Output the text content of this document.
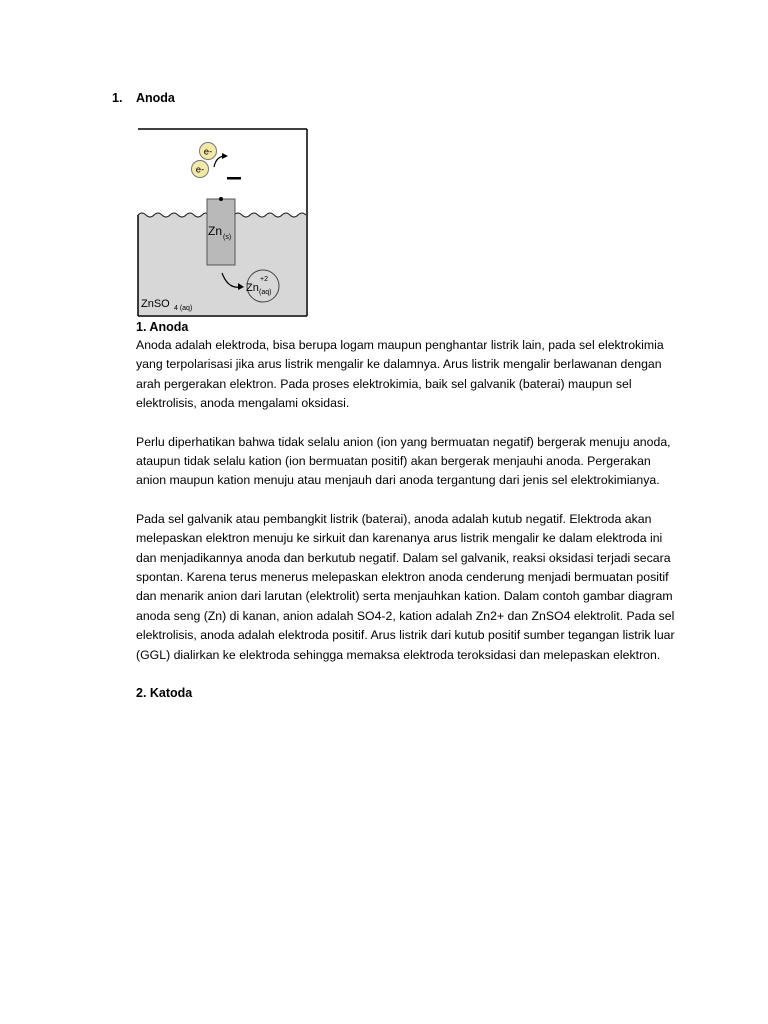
1. Anoda
e-
e-
Zn (s)
Zn
+2
(aq)
ZnSO 4 (aq)
1. Anoda

Anoda adalah elektroda, bisa berupa logam maupun penghantar listrik lain, pada sel elektrokimia yang terpolarisasi jika arus listrik mengalir ke dalamnya. Arus listrik mengalir berlawanan dengan arah pergerakan elektron. Pada proses elektrokimia, baik sel galvanik (baterai) maupun sel elektrolisis, anoda mengalami oksidasi.

Perlu diperhatikan bahwa tidak selalu anion (ion yang bermuatan negatif) bergerak menuju anoda, ataupun tidak selalu kation (ion bermuatan positif) akan bergerak menjauhi anoda. Pergerakan anion maupun kation menuju atau menjauh dari anoda tergantung dari jenis sel elektrokimianya.

Pada sel galvanik atau pembangkit listrik (baterai), anoda adalah kutub negatif. Elektroda akan melepaskan elektron menuju ke sirkuit dan karenanya arus listrik mengalir ke dalam elektroda ini dan menjadikannya anoda dan berkutub negatif. Dalam sel galvanik, reaksi oksidasi terjadi secara spontan. Karena terus menerus melepaskan elektron anoda cenderung menjadi bermuatan positif dan menarik anion dari larutan (elektrolit) serta menjauhkan kation. Dalam contoh gambar diagram anoda seng (Zn) di kanan, anion adalah SO4-2, kation adalah Zn2+ dan ZnSO4 elektrolit. Pada sel elektrolisis, anoda adalah elektroda positif. Arus listrik dari kutub positif sumber tegangan listrik luar (GGL) dialirkan ke elektroda sehingga memaksa elektroda teroksidasi dan melepaskan elektron.

2. Katoda
